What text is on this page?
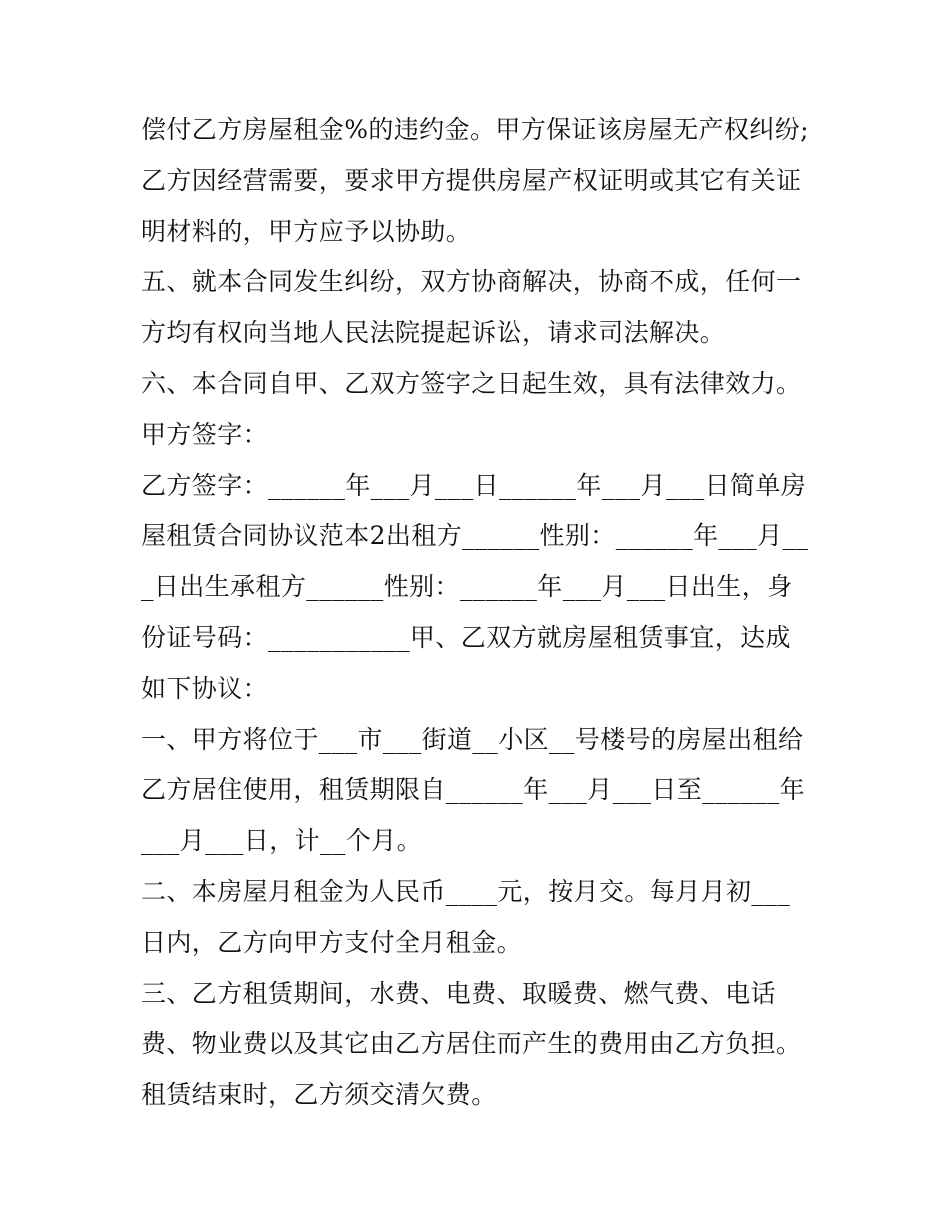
偿付乙方房屋租金%的违约金。甲方保证该房屋无产权纠纷;

乙方因经营需要，要求甲方提供房屋产权证明或其它有关证明材料的，甲方应予以协助。

五、就本合同发生纠纷，双方协商解决，协商不成，任何一方均有权向当地人民法院提起诉讼，请求司法解决。

六、本合同自甲、乙双方签字之日起生效，具有法律效力。甲方签字：

乙方签字：______年___月___日______年___月___日简单房屋租赁合同协议范本2出租方______性别：______年___月___日出生承租方______性别：______年___月___日出生，身份证号码：___________甲、乙双方就房屋租赁事宜，达成如下协议：

一、甲方将位于___市___街道__小区__号楼号的房屋出租给乙方居住使用，租赁期限自______年___月___日至______年___月___日，计__个月。

二、本房屋月租金为人民币____元，按月交。每月月初___日内，乙方向甲方支付全月租金。

三、乙方租赁期间，水费、电费、取暖费、燃气费、电话费、物业费以及其它由乙方居住而产生的费用由乙方负担。租赁结束时，乙方须交清欠费。
